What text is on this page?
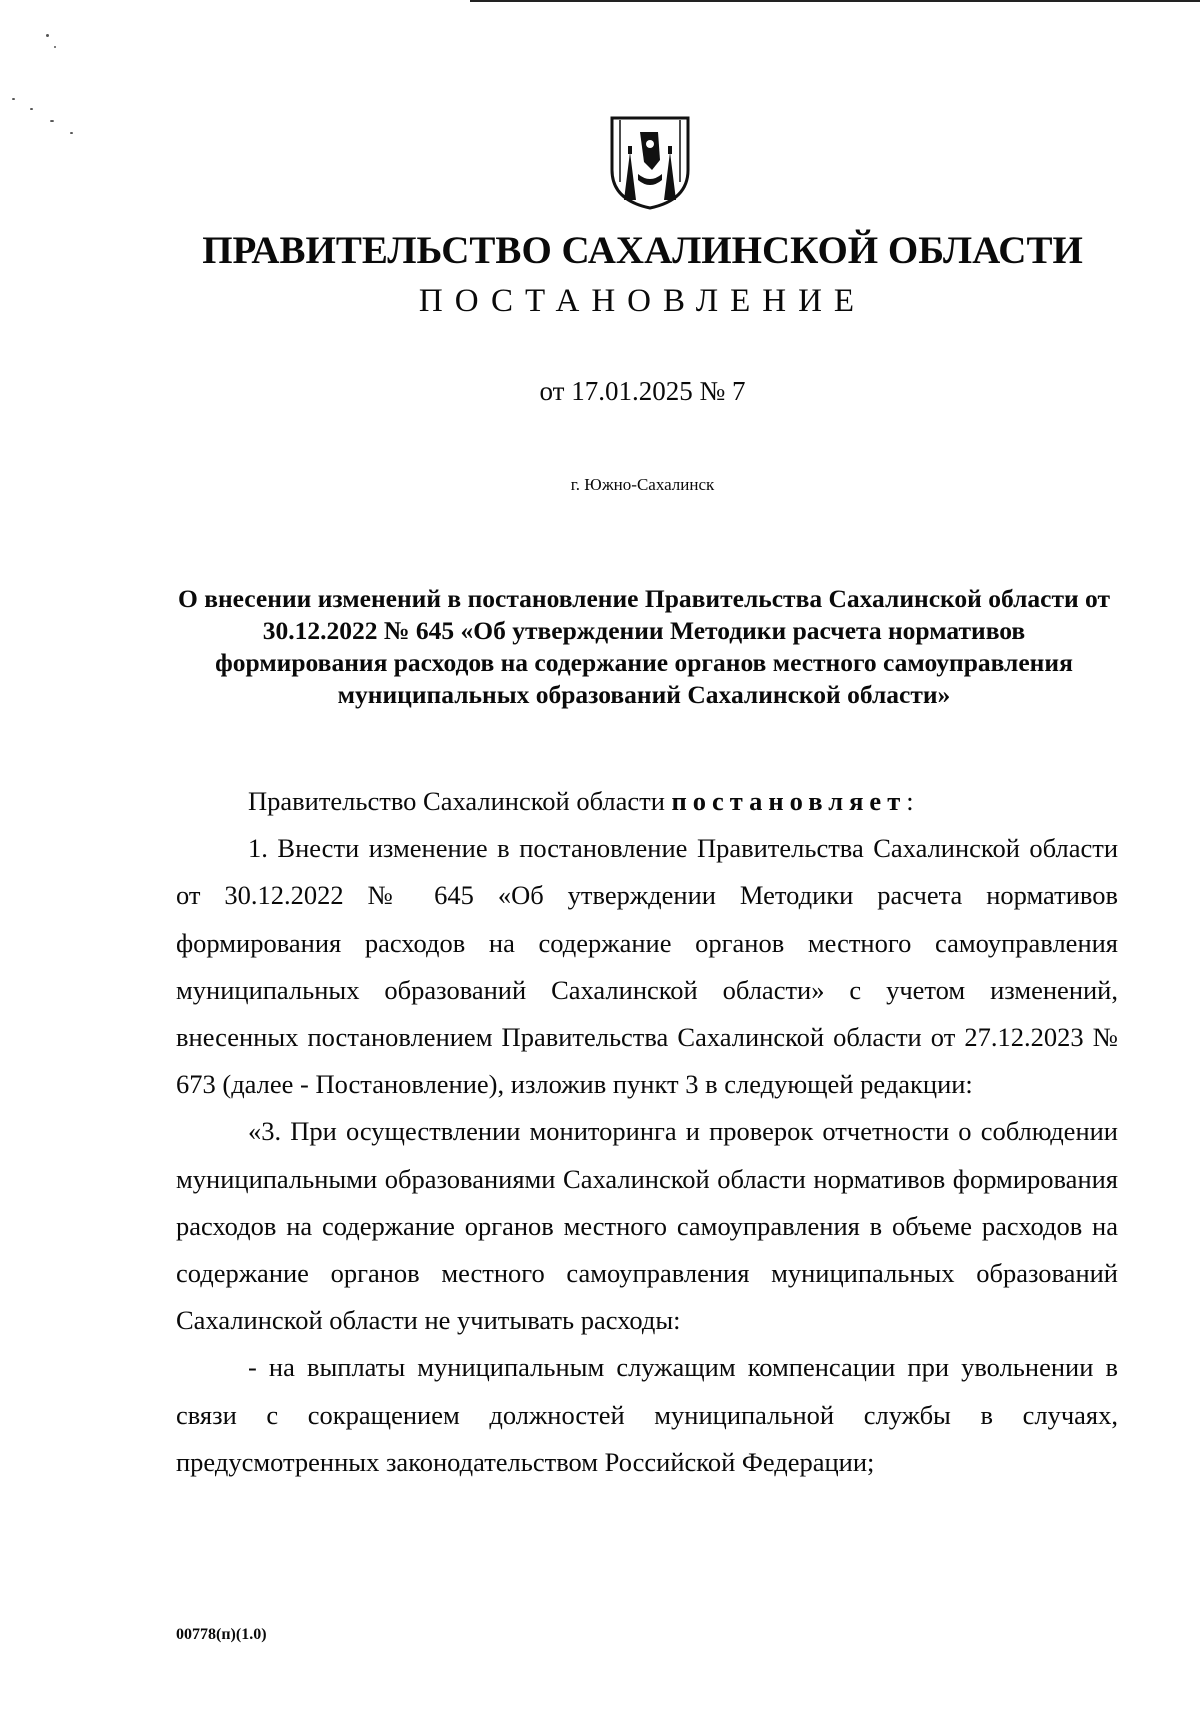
ПРАВИТЕЛЬСТВО САХАЛИНСКОЙ ОБЛАСТИ
ПОСТАНОВЛЕНИЕ
от 17.01.2025 № 7
г. Южно-Сахалинск
О внесении изменений в постановление Правительства Сахалинской области от 30.12.2022 № 645 «Об утверждении Методики расчета нормативов формирования расходов на содержание органов местного самоуправления муниципальных образований Сахалинской области»

Правительство Сахалинской области постановляет:

1. Внести изменение в постановление Правительства Сахалинской области от 30.12.2022 № 645 «Об утверждении Методики расчета нормативов формирования расходов на содержание органов местного самоуправления муниципальных образований Сахалинской области» с учетом изменений, внесенных постановлением Правительства Сахалинской области от 27.12.2023 № 673 (далее - Постановление), изложив пункт 3 в следующей редакции:

«3. При осуществлении мониторинга и проверок отчетности о соблюдении муниципальными образованиями Сахалинской области нормативов формирования расходов на содержание органов местного самоуправления в объеме расходов на содержание органов местного самоуправления муниципальных образований Сахалинской области не учитывать расходы:

- на выплаты муниципальным служащим компенсации при увольнении в связи с сокращением должностей муниципальной службы в случаях, предусмотренных законодательством Российской Федерации;

00778(п)(1.0)
